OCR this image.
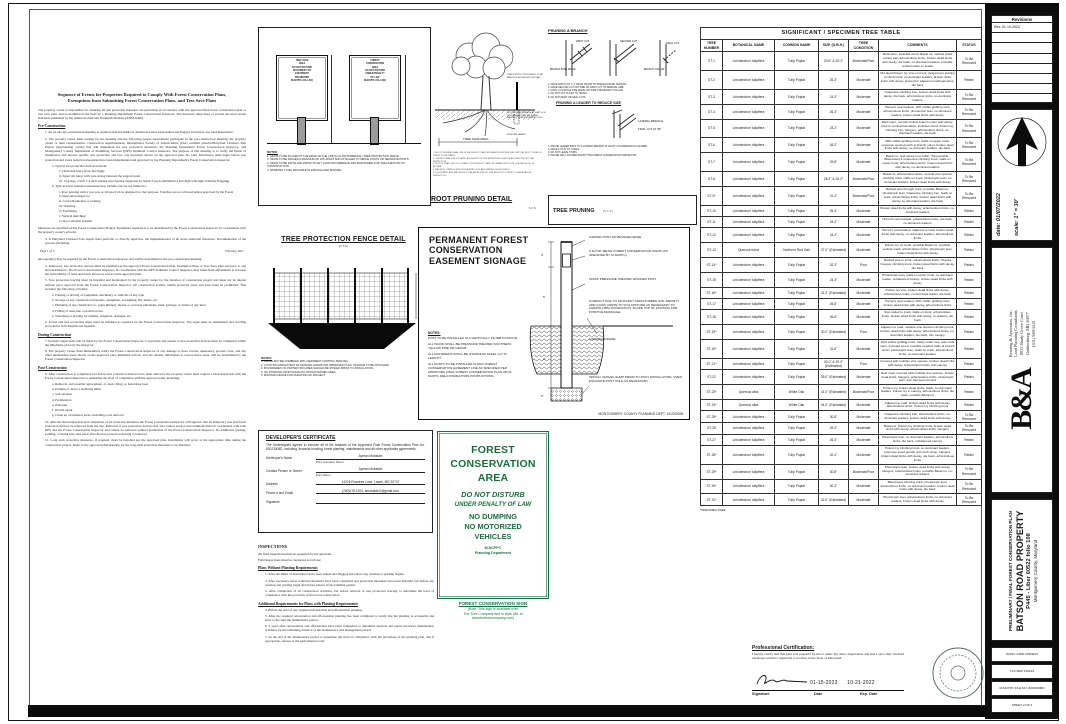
Sequence of Events for Properties Required to Comply With Forest Conservation Plans, Exemptions from Submitting Forest Conservation Plans, and Tree Save Plans
The property owner is responsible for ensuring all tree protection measures are performed in accordance with the approved final forest conservation plan or tree save plan, and as modified in the field by a Planning Department Forest Conservation Inspector. The measures must meet or exceed the most recent standards published by the American National Standards Institute (ANSI A300).
Pre-Construction
1. An on-site pre-construction meeting is required after the limits of disturbance have been staked and flagged and before any land disturbance.
2. The property owner must arrange for the meeting and the following people should/must participate in the pre-construction meeting: the property owner or their representative, construction superintendent, International Society of Arboriculture (ISA) certified arborist/Maryland Licensed Tree Expert (representing owner) that will implement the tree protection measures, the Planning Department Forest Conservation Inspector, and Montgomery County Department of Permitting Services (DPS) Sediment Control Inspector. The purpose of this meeting is to verify the limits of disturbance and discuss specific tree protection and tree care measures shown on the approved plan. No land disturbance shall begin before tree protection and stress reduction measures have been implemented and approved by the Planning Department's Forest Conservation Inspector.
a. Typical tree protection devices include:
i. Chain link fence (four feet high)
ii. Super silt fence with wire strung between the support posts
iii. 14 gauge, 2 inch x 4 inch welded wire fencing supported by metal T posts (minimum 4 feet high with high visibility flagging)
b. Typical stress reduction measures may include, but are not limited to:
i. Root pruning with a root saw or vibratory plow designed for that purpose. Trenches are not allowed unless approved by the Forest Conservation Inspector
ii. Crown Reduction or pruning
iii. Watering
iv. Fertilizing
v. Vertical mulching
vi. Root aeration systems
Measures are specified on the Forest Conservation Plan(s). Equipment required is to be determined by the Forest Conservation Inspector in coordination with the property owner's arborist.
3. A Maryland Licensed Tree expert must perform, or directly supervise, the implementation of all stress reduction measures. Documentation of the process (including
Page 1 of 3	February 2017
photography) may be required by the Forest Conservation Inspector, and will be determined at the pre-construction meeting.
4. Temporary tree protection devices must be installed per the approved Forest Conservation Plan, Exemption Plan, or Tree Save Plan and prior to any land disturbance. The Forest Conservation Inspector, in coordination with the DPS Sediment Control Inspector, may make field adjustments to increase the survivability of trees and forest shown as saved on the approved plan.
5. Tree protection fencing must be installed and maintained by the property owner for the duration of construction project and must not be altered without prior approval from the Forest Conservation Inspector. All construction activity within protected areas and trees must be prohibited. This includes the following activities:
a. Parking or driving of equipment, machinery or vehicles of any type
b. Storage of any construction materials, equipment, stockpiling, fill, debris, etc.
c. Dumping of any chemicals (i.e., paint thinner), mortar or concrete remainder, trash, garbage, or debris of any kind
d. Felling of trees into a protected area
e. Trenching or grading for utilities, irrigation, drainage, etc.
6. Forest and tree protection signs must be installed as required by the Forest Conservation Inspector. The signs must be maintained and wording provided in both English and Spanish.
During Construction
7. Periodic inspections will be made by the Forest Conservation Inspector. Corrections and repairs to tree protection devices must be completed within the timeframe given by the Inspector.
8. The property owner must immediately notify the Forest Conservation Inspector of any damage to trees, forests, understory, ground cover, and any other undisturbed areas shown on the approved plan. Remedial actions, and the relative timeframes to restore these areas, will be determined by the Forest Conservation Inspector.
Post-Construction
9. After construction is completed, but before tree protection devices have been removed, the property owner must request a final inspection with the Forest Conservation Inspector to determine the level of compliance with the approved plan, including:
a. Removal, and possible replacement, of dead, dying, or hazardous trees
b. Pruning of dead or declining limbs
c. Soil aeration
d. Fertilization
e. Watering
f. Wound repair
g. Clean up of nuisance areas, including tools removal
10. After the final inspection and completion of all corrective measures the Forest Conservation Inspector will approve that all temporary tree and forest protection devices be removed from the site. Removal of tree protection devices that also control erosion and sediment must be coordinated with both DPS and the Forest Conservation Inspector and cannot be removed without permission of the Forest Conservation Inspector. No additional grading, sodding, or burial may take place after the tree protection fencing is removed.
11. Long term protective measures, if required, must be installed per the approved plan. Installation will occur at the appropriate time during the construction project. Refer to the approved plan/drawing for the long-term protection measures to be installed.
TREE SAVE
AREA
DO NOT DISTURB
MACHINERY OR
EQUIPMENT
PROHIBITED
M-NCPPC 22A-12(C)
FOREST
CONSERVATION
AREA
DO NOT DISTURB
UNDER PENALTY
OF LAW
M-NCPPC 22A-12(C)
NOTES:
1. SIGNS TO BE PLACED AT THE EDGE OF THE LIMITS OF DISTURBANCE / TREE PROTECTION FENCE.
2. SIGNS TO BE SPACED A MAXIMUM OF 100' APART AND ATTACHED TO FENCE POSTS OR SEPARATE POSTS.
3. SIGNS TO BE INSTALLED PRIOR TO ANY LAND DISTURBANCE AND MAINTAINED FOR THE DURATION OF CONSTRUCTION.
4. WORDING TO BE PROVIDED IN ENGLISH AND SPANISH.
TREE PROTECTION FENCE DETAIL
(N.T.S.)
NOTES:
1. FENCE MAY BE COMBINED WITH SEDIMENT CONTROL FENCING.
2. LOCATION AND EXTENT OF FENCING SHOWN ON APPROVED PLAN. SIGNAGE TO BE ATTACHED.
3. BOUNDARIES OF PROTECTION AREA SHOULD BE STAKED PRIOR TO INSTALLATION.
4. NO STORAGE OR STOCKPILING WITHIN FENCED AREA.
5. MAINTAIN FENCE FOR DURATION OF PROJECT.
TREE SAVE AREA
TREE PROTECTION FENCE TO BE ERECTED AS SHOWN ON PLAN
ROOT PRUNE TRENCH AT LIMITS OF DISTURBANCE AS REQUIRED, BACKFILL WITH EXCAVATED SOIL
EXISTING GRADE
1. ROOT PRUNING SHALL BE DONE PRIOR TO ANY EXCAVATION WITHIN THE CRITICAL ROOT ZONE OF TREES TO BE SAVED.
2. TRENCH SHALL BE LOCATED AS SHOWN ON THE APPROVED PLAN OR AS DIRECTED BY THE INSPECTOR.
3. ROOTS SHALL BE CUT CLEANLY WITH A ROOT SAW OR VIBRATORY PLOW TO A DEPTH OF 18 INCHES.
4. BACKFILL TRENCH WITH EXCAVATED SOIL AND WATER THOROUGHLY.
5. EQUIPMENT AND METHODS TO BE APPROVED BY THE M-NCPPC FOREST CONSERVATION INSPECTOR.
ROOT PRUNING DETAIL
N.T.S.
PRUNING A BRANCH
FIRST CUT	SECOND CUT
FINAL CUT
BRANCH BARK RIDGE	BRANCH COLLAR
1. MAKE FIRST CUT 1'-2' FROM TRUNK TO PREVENT BARK TEARING.
2. MAKE SECOND CUT OUTSIDE OF FIRST CUT TO REMOVE LIMB.
3. FINAL CUT SHOULD BE MADE OUTSIDE THE BRANCH COLLAR.
4. DO NOT CUT FLUSH TO TRUNK.
5. DO NOT PAINT OR SEAL CUTS.
PRUNING A LEADER TO REDUCE SIZE
LATERAL BRANCH
FINAL CUT AT 45°
1. PRUNE LEADER BACK TO A LATERAL BRANCH AT LEAST 1/3 DIAMETER OF LEADER.
2. MAKE CUT AT 45° ANGLE.
3. DO NOT LEAVE STUBS.
4. PRUNE ONLY AS DIRECTED BY THE FOREST CONSERVATION INSPECTOR.
TREE PRUNING	(N.T.S.)
PERMANENT FOREST
CONSERVATION
EASEMENT SIGNAGE
4"
5'
3'
6"
CAPPED POST OR BEVELED EDGE.
5 1/2"X8" METAL FOREST CONSERVATION SIGNS (AS SPECIFIED BY M-NCPPC).
6X6X8' PRESSURE TREATED WOODEN POST
COMPACT SOIL TO ADJACENT UNDISTURBED SOIL DENSITY. ADD QUICK CRETE TO SOIL MIXTURE AS NECESSARY TO CREATE FIRM FOUNDATION. SLOPE TOP OF FOOTING FOR POSITIVE DRAINAGE.
FINISHED GRADE
INSTALL GRAVEL SUMP PRIOR TO POST INSTALLATION. OVER EXCAVATE POST HOLE AS NECESSARY.
NOTES:
POST TO BE INSTALLED IN A VERTICALLY PLUMB POSITION.
ALL WOOD SHALL BE PRESSURE TREATED SOUTHERN YELLOW PINE OR CEDAR.
ALL FASTENERS SHALL BE STAINLESS STEEL 1-2" IN LENGTH.
ALL POSTS TO BE INSTALLED ALONG FOREST CONSERVATION EASEMENT LINE AS SPECIFIED PER APPROVED FINAL FOREST CONSERVATION PLAN OR M-NCPPC FIELD INSPECTORS INSTRUCTIONS.
MONTGOMERY COUNTY PLANNING DEPT. 12/23/2008
DEVELOPER'S CERTIFICATE
The Undersigned agrees to execute all of the features of the Approved Final Forest Conservation Plan No. 82023008D, including, financial bonding, forest planting, maintenance and all other applicable agreements.
Developer's Name	Ayman Mobaidin
Print Company Name
Contact Person or Owner	Ayman Mobaidin
Print Name
Address	14226 Rosetree Lane, Laurel, MD 20707
Phone # and Email	(240)278-1924, amobaidin1@gmail.com
Signature
FOREST
CONSERVATION
AREA
DO NOT DISTURB
UNDER PENALTY OF LAW
NO DUMPING
NO MOTORIZED
VEHICLES
M-NCPPC
Planning Department
FOREST CONSERVATION SIGN
(Note: This sign is available from
The Tree Company and is style #51 at
www.thetreecompany.com)
INSPECTIONS
All field inspections must be requested by the applicant.
Field inspections must be conducted as follows:
Plans Without Planting Requirements
1. After the limits of disturbance have been staked and flagged, but before any clearing or grading begins.
2. After necessary stress reduction measures have been completed and protection measures have been installed, but before any clearing and grading begin and before release of the building permit.
3. After completion of all construction activities, but before removal of tree protection fencing, to determine the level of compliance with the provision of the forest conservation.
Additional Requirements for Plans with Planting Requirements
4. Before the start of any required reforestation and afforestation planting.
5. After the required reforestation and afforestation planting has been completed to verify that the planting is acceptable and prior to the start the maintenance period.
6. 2 years after reforestation and afforestation have been completed, to determine survival and assess necessary maintenance activities for the remaining duration of the maintenance and management period.
7. At the end of the maintenance period to determine the level of compliance with the provisions of the planting plan, and if appropriate, release of the performance bond.
SIGNIFICANT / SPECIMEN TREE TABLE						
TREE NUMBER	BOTANICAL NAME	COMMON NAME	SIZE (D.B.H.)	TREE CONDITION	COMMENTS	STATUS
ST-1	Liriodendron tulipifera	Tulip Poplar	30.6" & 29.1"	Moderate/Poor	Multi-stem, included wood, Basal rot, vertical crack oozing sap, arboricollous limbs, broken dead limbs with decay, die back, co-dominant leaders, possible vertical crack on leader	To Be Removed
ST-2	Liriodendron tulipifera	Tulip Poplar	25.3"	Moderate	Old dead Poison Ivy vine on trunk, Grapevines starting to climb trunk, co-dominant leaders, broken dead limbs with decay, pruned for adjacent overhead wires, die back	Retain
ST-3	Liriodendron tulipifera	Tulip Poplar	24.3"	Moderate	Grapevine climbing tree, broken dead limbs with decay, die back, arboricollous limbs, co-dominant leaders	To Be Removed
ST-4	Liriodendron tulipifera	Tulip Poplar	26.3"	Moderate	Hornet's nest located, 10% visible girdling roots, arboricollous limbs, phototropic lean, co-dominant leaders, broken dead limbs with decay	To Be Removed
ST-5	Liriodendron tulipifera	Tulip Poplar	24.2"	Moderate	Multi stem, necrotic hollow branch union with decay, tried to compartmentalize, included wood, Poison Ivy climbing tree, hangers, arboricollous limbs, co-dominant leaders, die back	To Be Removed
ST-6	Liriodendron tulipifera	Tulip Poplar	26.2"	Moderate	40% visible girdling roots, Galls on upper trunk, response wood growth at branch union, broken dead limbs with decay, co-dominant leaders, die back	To Be Removed
ST-7	Liriodendron tulipifera	Tulip Poplar	29.8"	Moderate	Basal rot, Gall above root collar, Honeysuckle, Bittersweet & Grapevine climbing trunk, Galls on upper trunk, arboricollous limbs, broken dead limbs with decay, co-dominant leaders	To Be Removed
ST-8	Liriodendron tulipifera	Tulip Poplar	26.2" & 26.2"	Moderate/Poor	Basal rot, arboricollous limbs, several vine species climbing trunk, Galls on trunk, phototropic lean, co-dominant leaders, broken dead limbs with decay	To Be Removed
ST-9*	Liriodendron tulipifera	Tulip Poplar	31.4"	Moderate/Poor	Barbed wire through trunk, possible Basal rot, phototropic lean, Grapevine climbing tree, Galls on trunk, arboricollous limbs, broken dead limbs with decay, co-dominant leaders, die back	To Be Removed
ST-10	Liriodendron tulipifera	Tulip Poplar	25.3"	Moderate	Broken dead limbs with decay, arboricollous limbs, co-dominant leaders	Retain
ST-11	Liriodendron tulipifera	Tulip Poplar	24.2"	Moderate	Hornet's nest located, arboricollous limbs, die back, co-dominant leaders	Retain
ST-12	Liriodendron tulipifera	Tulip Poplar	24.2"	Moderate	Hornet's nest located, adjacent to road, broken dead limbs with decay, co-dominant leaders, arboricollous limbs	Retain
ST-13	Quercus rubra	Northern Red Oak	27.0" (Estimated)	Moderate	Poison Ivy on trunk, possible Basal rot, possible vertical crack, arboricollous limbs, phototropic lean, broken dead limbs with decay	Retain
ST-14*	Liriodendron tulipifera	Tulip Poplar	32.3"	Poor	Barbed wire in trunk, arboricollous limbs, Virginia Creeper climbing trunk, broken dead limbs with decay, die back	Retain
ST-15	Liriodendron tulipifera	Tulip Poplar	24.3"	Moderate	Phototropic lean, Galls on upper trunk, co-dominant leader, unbalanced canopy, broken dead limbs with decay	Retain
ST-16*	Liriodendron tulipifera	Tulip Poplar	31.3" (Estimated)	Moderate	Poison Ivy vine, broken dead limbs with decay, arboricollous limbs, co-dominant leader, die back	Retain
ST-17	Liriodendron tulipifera	Tulip Poplar	26.8"	Moderate	Hornet's nest located, 10% visible girdling roots, broken dead limbs with decay, arboricollous limbs	Retain
ST-18	Liriodendron tulipifera	Tulip Poplar	26.8"	Moderate	Sign nailed to trunk, Galls on trunk, arboricollous limbs, broken dead limbs with decay, co-leaders, die back	Retain
ST-19*	Liriodendron tulipifera	Tulip Poplar	30.2" (Estimated)	Poor	Adjacent to road, multiple vine species climbing trunk, broken dead limbs with decay, arboricollous limbs, co-dominant leaders, die back, thin canopy	Retain
ST-20*	Liriodendron tulipifera	Tulip Poplar	31.8"	Moderate	20% visible girdling roots, cavity under tree, was multi stem, included wood, possible needed cable at branch union, phototropic lean, Galls on trunk, arboricollous limbs, co-dominant leaders	Retain
ST-21*	Liriodendron tulipifera	Tulip Poplar	30.0" & 29.3" (Estimated)	Poor	Covered with multiple vine species, broken dead limbs with decay, arboricollous limbs, thin canopy	Retain
ST-22	Liriodendron tulipifera	Tulip Poplar	26.0" (Estimated)	Moderate	Near road, covered with multiple vine species, broken dead limbs, hangers, arboricollous limbs, phototropic lean, tree has been pruned	Retain
ST-23*	Quercus alba	White Oak	41.0" (Estimated)	Moderate/Poor	Poison Ivy, broken dead limbs, Galls, co-dominant leaders, Poison Ivy in canopy, arboricollous limbs, die back, possible Basal rot	Retain
ST-24*	Quercus alba	White Oak	34.0" (Estimated)	Moderate	Adjacent to road, broken dead limbs with decay, arboricollous limbs, Poison Ivy climbing trunk	Retain
ST-25*	Liriodendron tulipifera	Tulip Poplar	30.8"	Moderate	Grapevine climbing tree, arboricollous limbs, co-dominant leaders, broken dead limbs with decay	To Be Removed
ST-26	Liriodendron tulipifera	Tulip Poplar	29.2"	Moderate	Basal rot, Poison Ivy climbing trunk, broken dead limbs with decay, arboricollous limbs, hangers	To Be Removed
ST-27	Liriodendron tulipifera	Tulip Poplar	26.3"	Moderate	Phototropic lean, co-dominant leaders, arboricollous limbs, die back, unbalanced canopy	Retain
ST-28*	Liriodendron tulipifera	Tulip Poplar	32.4"	Moderate	Poison Ivy climbing trunk, co-dominant leaders, response wood growth at branch union, hangers, broken dead limbs with decay, die back, arboricollous limbs	Retain
ST-29*	Liriodendron tulipifera	Tulip Poplar	30.8"	Moderate/Poor	Phototropic lean, broken dead limbs with decay, hangers, arboricollous limbs, possible Basal rot, co-dominant leaders	To Be Removed
ST-30*	Liriodendron tulipifera	Tulip Poplar	30.3"	Moderate	Bittersweet climbing trunk, phototropic lean, arboricollous limbs, co-dominant leaders, broken dead limbs with decay, die back	To Be Removed
ST-31*	Liriodendron tulipifera	Tulip Poplar	32.0" (Estimated)	Moderate	Phototropic lean, arboricollous limbs, co-dominant leaders, broken dead limbs with decay	To Be Removed
*SPECIMEN TREE
Professional Certification:
I hereby certify that this plan was prepared by me or under my direct supervision and that I am a duly licensed landscape architect registered to practice in the State of Maryland.
01-15-2023 10-21-2022
Signature	Date	Exp. Date
Revisions
Rev. 01-10-2023
date: 01/07/2022	scale: 1" = 30'
B&A
Benning & Associates, Inc. Land Planning Consultants 8933 Shady Grove Court Gaithersburg, MD 20877 (301) 948-5241
PRELIMINARY / FINAL FOREST CONSERVATION PLAN BATSON ROAD PROPERTY P445 - Liber 60522 folio 108 Montgomery County, Maryland
WSSC GRID 220NE03
TAX MAP FW123
M-NCPPC FILE NO. 82023008D
SHEET 2 OF 2
